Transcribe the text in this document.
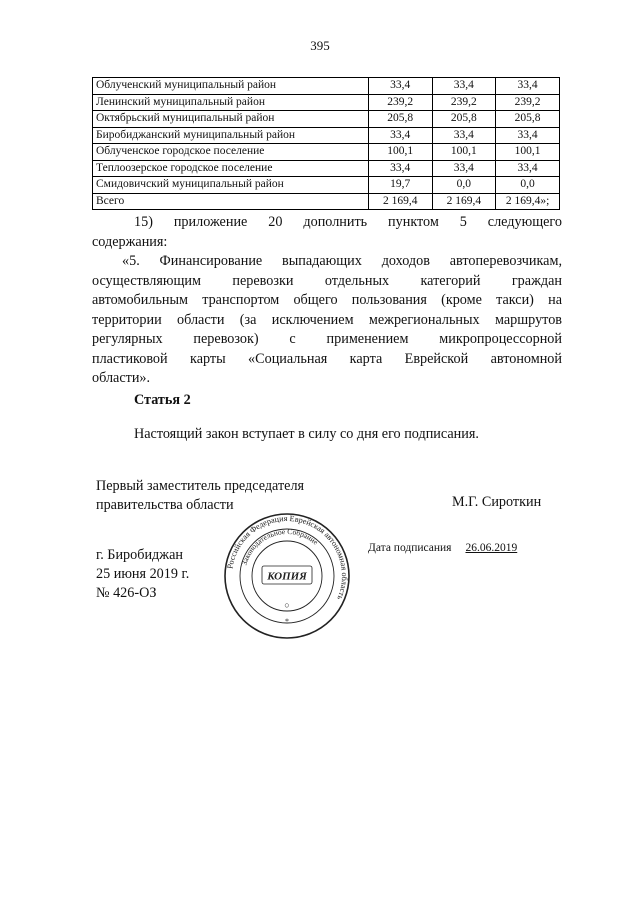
395
Облученский муниципальный район	33,4	33,4	33,4
Ленинский муниципальный район	239,2	239,2	239,2
Октябрьский муниципальный район	205,8	205,8	205,8
Биробиджанский муниципальный район	33,4	33,4	33,4
Облученское городское поселение	100,1	100,1	100,1
Теплоозерское городское поселение	33,4	33,4	33,4
Смидовичский муниципальный район	19,7	0,0	0,0
Всего	2 169,4	2 169,4	2 169,4»;
15) приложение 20 дополнить пунктом 5 следующего
содержания:
«5. Финансирование выпадающих доходов автоперевозчикам,
осуществляющим перевозки отдельных категорий граждан
автомобильным транспортом общего пользования (кроме такси) на
территории области (за исключением межрегиональных маршрутов
регулярных перевозок) с применением микропроцессорной
пластиковой карты «Социальная карта Еврейской автономной
области».
Статья 2
Настоящий закон вступает в силу со дня его подписания.
Первый заместитель председателя
правительства области	М.Г. Сироткин
г. Биробиджан
25 июня 2019 г.
№ 426-ОЗ
Дата подписания 26.06.2019
Российская Федерация Еврейская автономная область
Законодательное Собрание
КОПИЯ
○
*
